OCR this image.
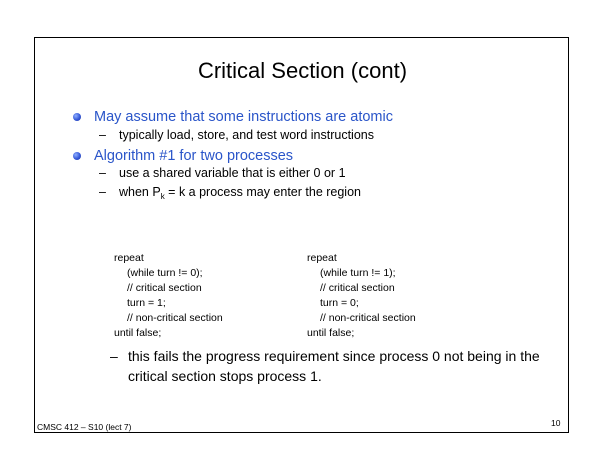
Critical Section (cont)
May assume that some instructions are atomic
– typically load, store, and test word instructions
Algorithm #1 for two processes
– use a shared variable that is either 0 or 1
– when $P_k = k$ a process may enter the region
repeat
(while turn != 0);
// critical section
turn = 1;
// non-critical section
until false;
repeat
(while turn != 1);
// critical section
turn = 0;
// non-critical section
until false;
– this fails the progress requirement since process 0 not being in the critical section stops process 1.
CMSC 412 – S10 (lect 7)	10
